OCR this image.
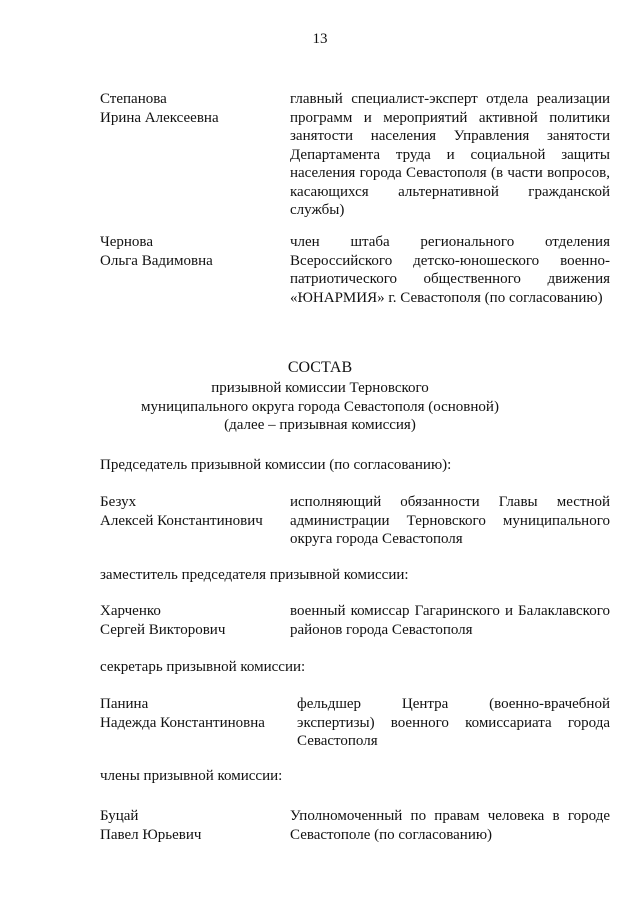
13
Степанова
Ирина Алексеевна
главный специалист-эксперт отдела реализации программ и мероприятий активной политики занятости населения Управления занятости Департамента труда и социальной защиты населения города Севастополя (в части вопросов, касающихся альтернативной гражданской службы)
Чернова
Ольга Вадимовна
член штаба регионального отделения Всероссийского детско-юношеского военно-патриотического общественного движения «ЮНАРМИЯ» г. Севастополя (по согласованию)
СОСТАВ
призывной комиссии Терновского
муниципального округа города Севастополя (основной)
(далее – призывная комиссия)
Председатель призывной комиссии (по согласованию):
Безух
Алексей Константинович
исполняющий обязанности Главы местной администрации Терновского муниципального округа города Севастополя
заместитель председателя призывной комиссии:
Харченко
Сергей Викторович
военный комиссар Гагаринского и Балаклавского районов города Севастополя
секретарь призывной комиссии:
Панина
Надежда Константиновна
фельдшер Центра (военно-врачебной экспертизы) военного комиссариата города Севастополя
члены призывной комиссии:
Буцай
Павел Юрьевич
Уполномоченный по правам человека в городе Севастополе (по согласованию)
